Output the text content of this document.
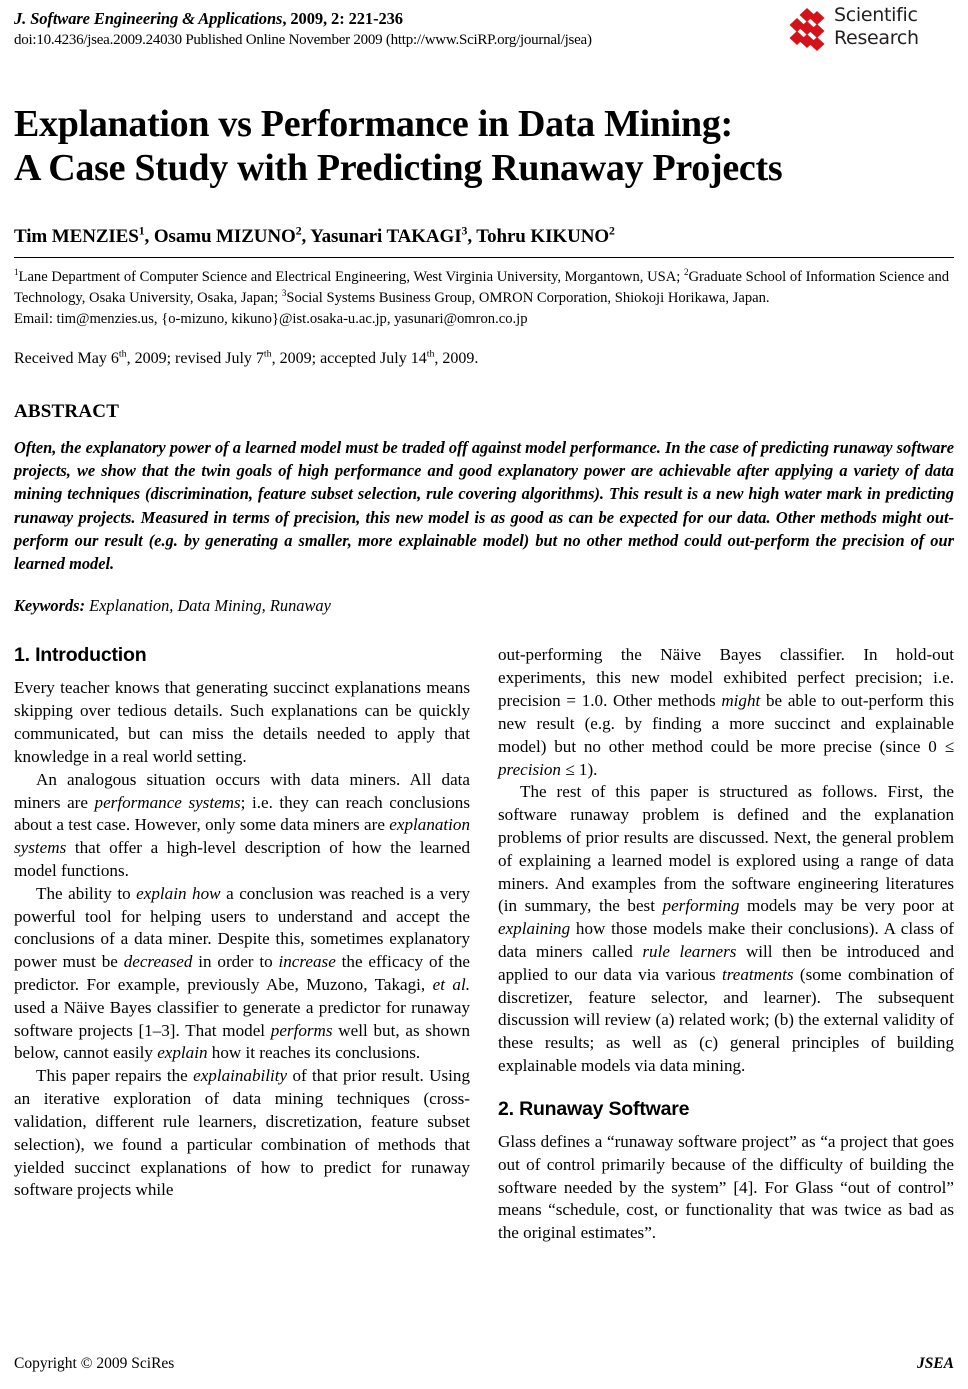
J. Software Engineering & Applications, 2009, 2: 221-236
doi:10.4236/jsea.2009.24030 Published Online November 2009 (http://www.SciRP.org/journal/jsea)
Scientific
Research
Explanation vs Performance in Data Mining:
A Case Study with Predicting Runaway Projects
Tim MENZIES$^1$, Osamu MIZUNO$^2$, Yasunari TAKAGI$^3$, Tohru KIKUNO$^2$

$^1$Lane Department of Computer Science and Electrical Engineering, West Virginia University, Morgantown, USA; $^2$Graduate School of Information Science and Technology, Osaka University, Osaka, Japan; $^3$Social Systems Business Group, OMRON Corporation, Shiokoji Horikawa, Japan.

Email: tim@menzies.us, {o-mizuno, kikuno}@ist.osaka-u.ac.jp, yasunari@omron.co.jp

Received May 6th, 2009; revised July 7th, 2009; accepted July 14th, 2009.
ABSTRACT
Often, the explanatory power of a learned model must be traded off against model performance. In the case of predicting runaway software projects, we show that the twin goals of high performance and good explanatory power are achievable after applying a variety of data mining techniques (discrimination, feature subset selection, rule covering algorithms). This result is a new high water mark in predicting runaway projects. Measured in terms of precision, this new model is as good as can be expected for our data. Other methods might out-perform our result (e.g. by generating a smaller, more explainable model) but no other method could out-perform the precision of our learned model.
Keywords: Explanation, Data Mining, Runaway
1. Introduction

Every teacher knows that generating succinct explanations means skipping over tedious details. Such explanations can be quickly communicated, but can miss the details needed to apply that knowledge in a real world setting.

An analogous situation occurs with data miners. All data miners are performance systems; i.e. they can reach conclusions about a test case. However, only some data miners are explanation systems that offer a high-level description of how the learned model functions.

The ability to explain how a conclusion was reached is a very powerful tool for helping users to understand and accept the conclusions of a data miner. Despite this, sometimes explanatory power must be decreased in order to increase the efficacy of the predictor. For example, previously Abe, Muzono, Takagi, et al. used a Näive Bayes classifier to generate a predictor for runaway software projects [1–3]. That model performs well but, as shown below, cannot easily explain how it reaches its conclusions.

This paper repairs the explainability of that prior result. Using an iterative exploration of data mining techniques (cross-validation, different rule learners, discretization, feature subset selection), we found a particular combination of methods that yielded succinct explanations of how to predict for runaway software projects while

out-performing the Näive Bayes classifier. In hold-out experiments, this new model exhibited perfect precision; i.e. precision = 1.0. Other methods might be able to out-perform this new result (e.g. by finding a more succinct and explainable model) but no other method could be more precise (since 0 ≤ precision ≤ 1).

The rest of this paper is structured as follows. First, the software runaway problem is defined and the explanation problems of prior results are discussed. Next, the general problem of explaining a learned model is explored using a range of data miners. And examples from the software engineering literatures (in summary, the best performing models may be very poor at explaining how those models make their conclusions). A class of data miners called rule learners will then be introduced and applied to our data via various treatments (some combination of discretizer, feature selector, and learner). The subsequent discussion will review (a) related work; (b) the external validity of these results; as well as (c) general principles of building explainable models via data mining.

2. Runaway Software

Glass defines a “runaway software project” as “a project that goes out of control primarily because of the difficulty of building the software needed by the system” [4]. For Glass “out of control” means “schedule, cost, or functionality that was twice as bad as the original estimates”.

Copyright © 2009 SciRes	JSEA
